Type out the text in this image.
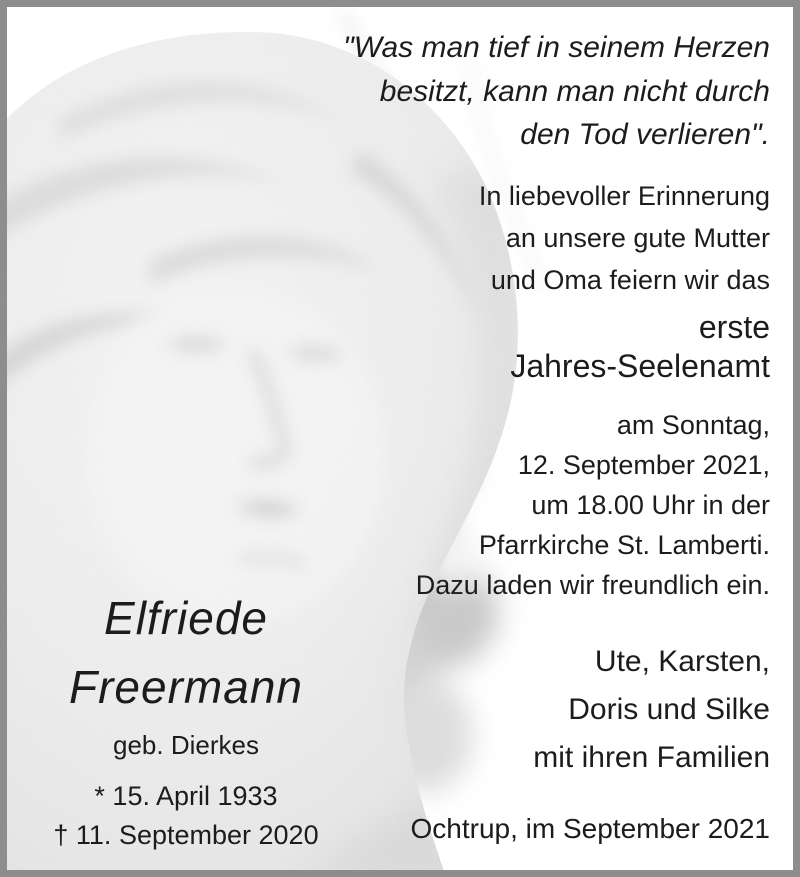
"Was man tief in seinem Herzen
besitzt, kann man nicht durch
den Tod verlieren".
In liebevoller Erinnerung
an unsere gute Mutter
und Oma feiern wir das
erste
Jahres-Seelenamt
am Sonntag,
12. September 2021,
um 18.00 Uhr in der
Pfarrkirche St. Lamberti.
Dazu laden wir freundlich ein.
Ute, Karsten,
Doris und Silke
mit ihren Familien
Ochtrup, im September 2021
Elfriede
Freermann
geb. Dierkes
* 15. April 1933
† 11. September 2020
